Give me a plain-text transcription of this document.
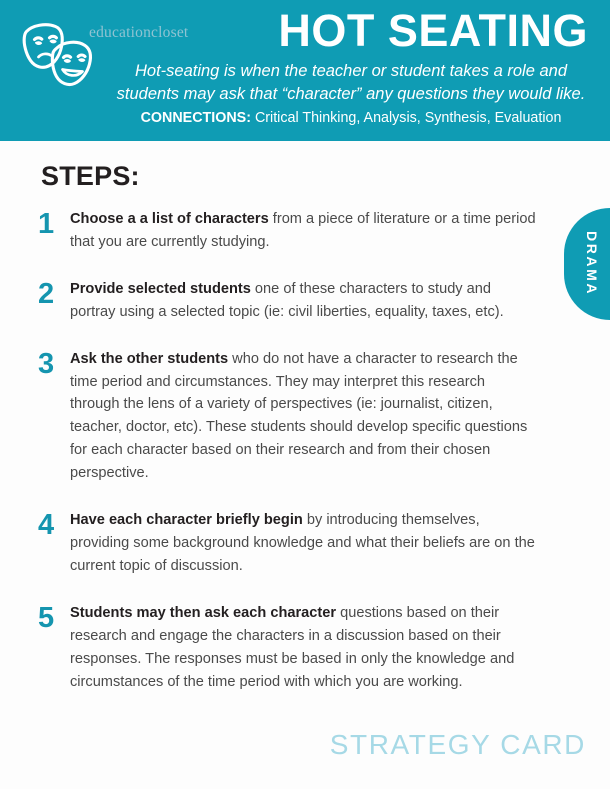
educationcloset HOT SEATING
Hot-seating is when the teacher or student takes a role and students may ask that “character” any questions they would like.
CONNECTIONS: Critical Thinking, Analysis, Synthesis, Evaluation
DRAMA
STEPS:
1	Choose a a list of characters from a piece of literature or a time period that you are currently studying.
2	Provide selected students one of these characters to study and portray using a selected topic (ie: civil liberties, equality, taxes, etc).
3	Ask the other students who do not have a character to research the time period and circumstances. They may interpret this research through the lens of a variety of perspectives (ie: journalist, citizen, teacher, doctor, etc). These students should develop specific questions for each character based on their research and from their chosen perspective.
4	Have each character briefly begin by introducing themselves, providing some background knowledge and what their beliefs are on the current topic of discussion.
5	Students may then ask each character questions based on their research and engage the characters in a discussion based on their responses. The responses must be based in only the knowledge and circumstances of the time period with which you are working.
STRATEGY CARD
